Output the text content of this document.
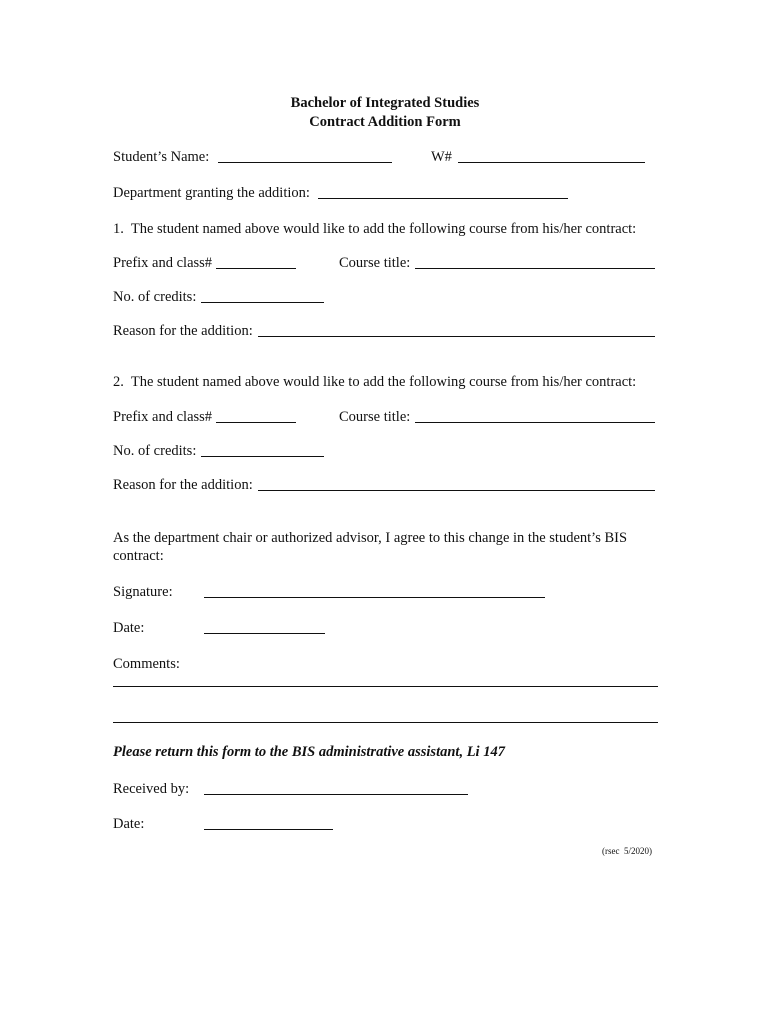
Bachelor of Integrated Studies
Contract Addition Form
Student’s Name:	W#
Department granting the addition:
1.  The student named above would like to add the following course from his/her contract:
Prefix and class#	Course title:
No. of credits:
Reason for the addition:
2.  The student named above would like to add the following course from his/her contract:
Prefix and class#	Course title:
No. of credits:
Reason for the addition:
As the department chair or authorized advisor, I agree to this change in the student’s BIS
contract:
Signature:
Date:
Comments:
Please return this form to the BIS administrative assistant, Li 147
Received by:
Date:
(rsec  5/2020)
